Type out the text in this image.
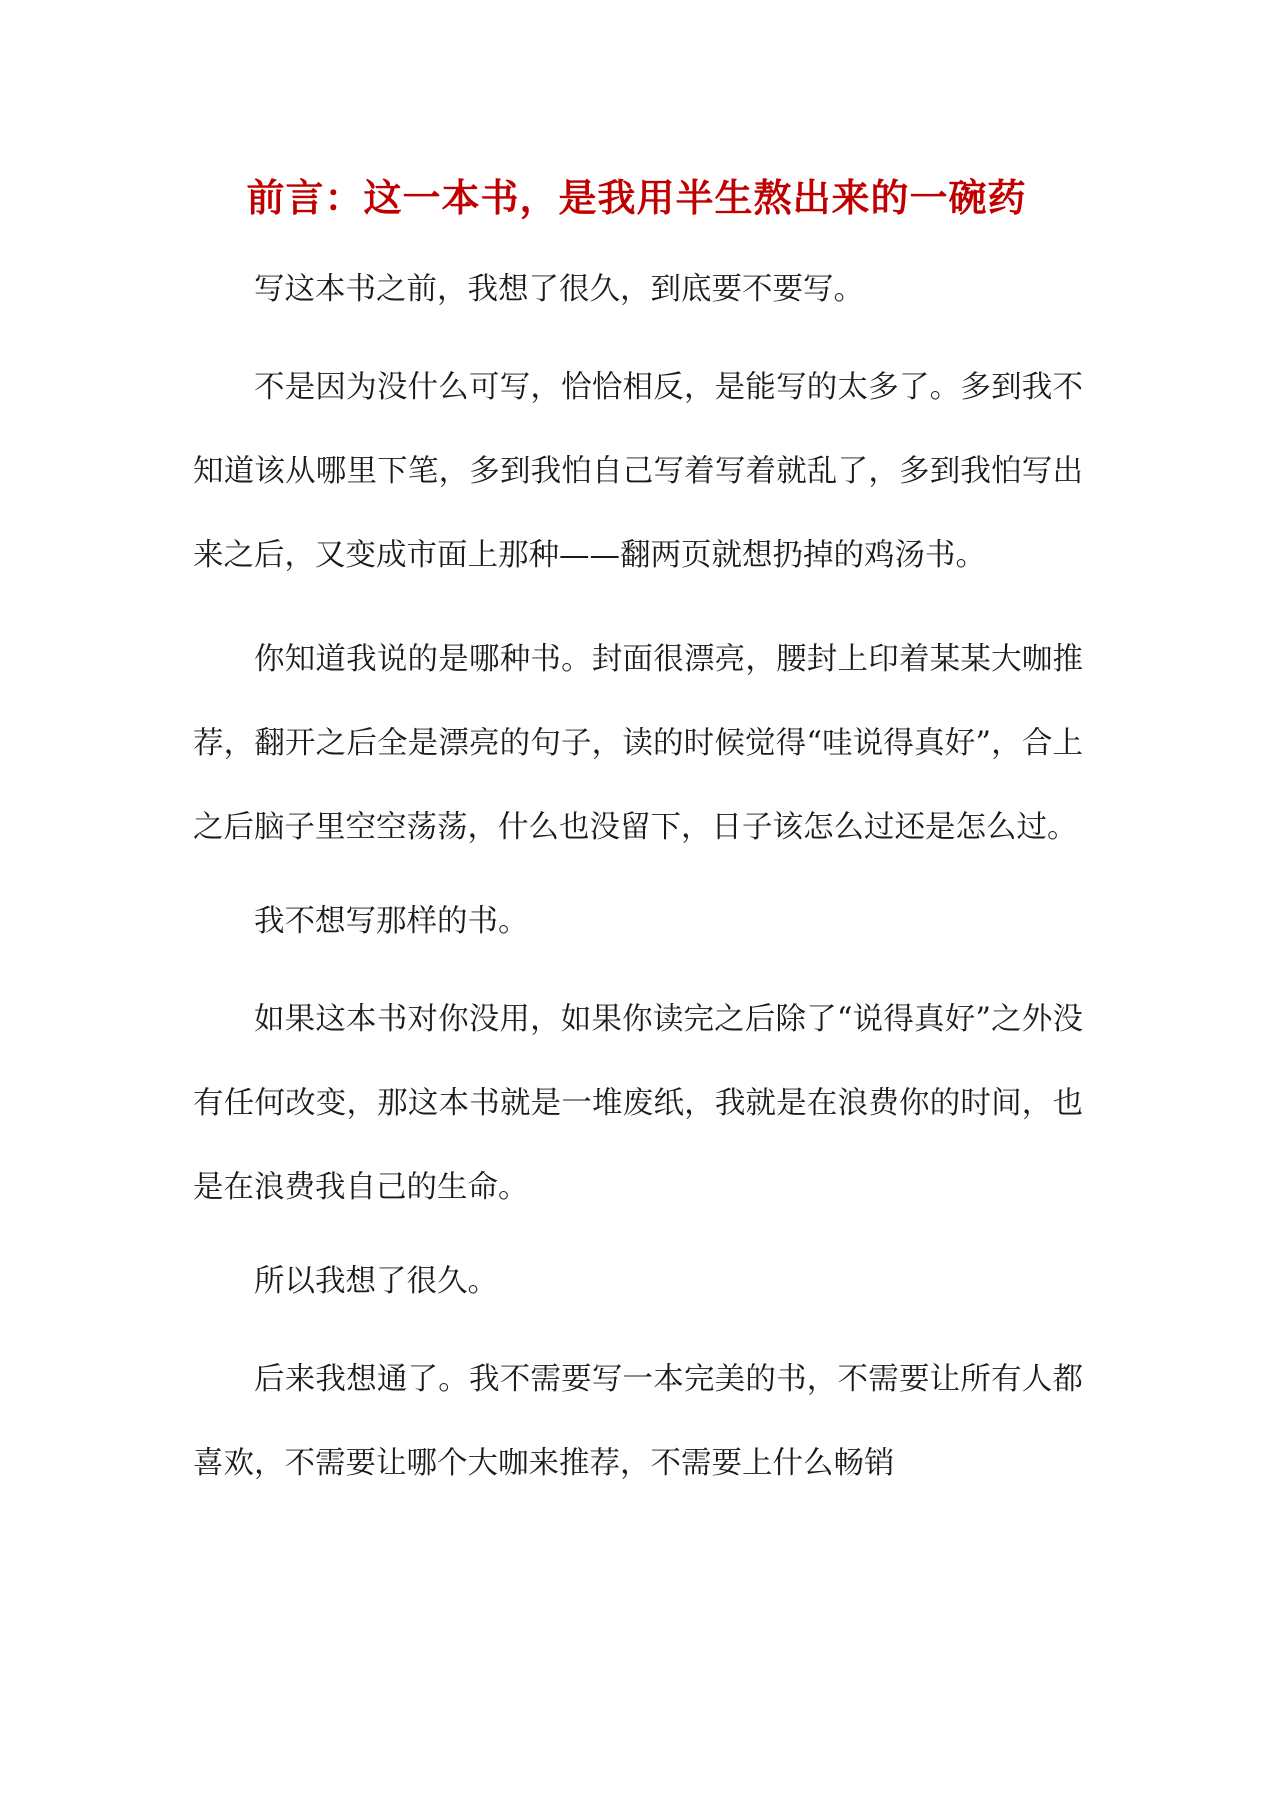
前言：这一本书，是我用半生熬出来的一碗药

写这本书之前，我想了很久，到底要不要写。

不是因为没什么可写，恰恰相反，是能写的太多了。多到我不知道该从哪里下笔，多到我怕自己写着写着就乱了，多到我怕写出来之后，又变成市面上那种——翻两页就想扔掉的鸡汤书。

你知道我说的是哪种书。封面很漂亮，腰封上印着某某大咖推荐，翻开之后全是漂亮的句子，读的时候觉得“哇说得真好”，合上之后脑子里空空荡荡，什么也没留下，日子该怎么过还是怎么过。

我不想写那样的书。

如果这本书对你没用，如果你读完之后除了“说得真好”之外没有任何改变，那这本书就是一堆废纸，我就是在浪费你的时间，也是在浪费我自己的生命。

所以我想了很久。

后来我想通了。我不需要写一本完美的书，不需要让所有人都喜欢，不需要让哪个大咖来推荐，不需要上什么畅销
